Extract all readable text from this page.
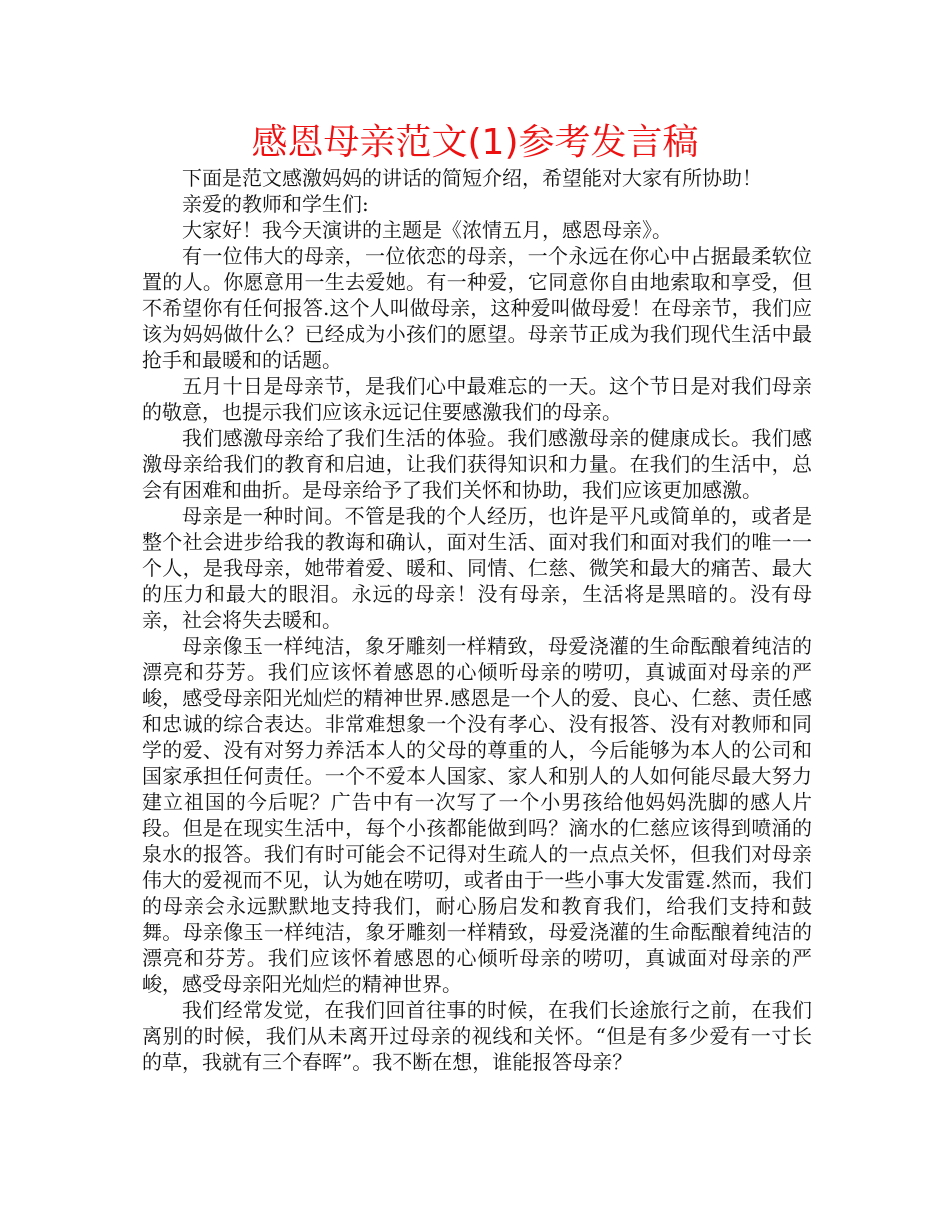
感恩母亲范文(1)参考发言稿

下面是范文感激妈妈的讲话的简短介绍，希望能对大家有所协助！

亲爱的教师和学生们:

大家好！我今天演讲的主题是《浓情五月，感恩母亲》。

有一位伟大的母亲，一位依恋的母亲，一个永远在你心中占据最柔软位置的人。你愿意用一生去爱她。有一种爱，它同意你自由地索取和享受，但不希望你有任何报答.这个人叫做母亲，这种爱叫做母爱！在母亲节，我们应该为妈妈做什么？已经成为小孩们的愿望。母亲节正成为我们现代生活中最抢手和最暖和的话题。

五月十日是母亲节，是我们心中最难忘的一天。这个节日是对我们母亲的敬意，也提示我们应该永远记住要感激我们的母亲。

我们感激母亲给了我们生活的体验。我们感激母亲的健康成长。我们感激母亲给我们的教育和启迪，让我们获得知识和力量。在我们的生活中，总会有困难和曲折。是母亲给予了我们关怀和协助，我们应该更加感激。

母亲是一种时间。不管是我的个人经历，也许是平凡或简单的，或者是整个社会进步给我的教诲和确认，面对生活、面对我们和面对我们的唯一一个人，是我母亲，她带着爱、暖和、同情、仁慈、微笑和最大的痛苦、最大的压力和最大的眼泪。永远的母亲！没有母亲，生活将是黑暗的。没有母亲，社会将失去暖和。

母亲像玉一样纯洁，象牙雕刻一样精致，母爱浇灌的生命酝酿着纯洁的漂亮和芬芳。我们应该怀着感恩的心倾听母亲的唠叨，真诚面对母亲的严峻，感受母亲阳光灿烂的精神世界.感恩是一个人的爱、良心、仁慈、责任感和忠诚的综合表达。非常难想象一个没有孝心、没有报答、没有对教师和同学的爱、没有对努力养活本人的父母的尊重的人，今后能够为本人的公司和国家承担任何责任。一个不爱本人国家、家人和别人的人如何能尽最大努力建立祖国的今后呢？广告中有一次写了一个小男孩给他妈妈洗脚的感人片段。但是在现实生活中，每个小孩都能做到吗？滴水的仁慈应该得到喷涌的泉水的报答。我们有时可能会不记得对生疏人的一点点关怀，但我们对母亲伟大的爱视而不见，认为她在唠叨，或者由于一些小事大发雷霆.然而，我们的母亲会永远默默地支持我们，耐心肠启发和教育我们，给我们支持和鼓舞。母亲像玉一样纯洁，象牙雕刻一样精致，母爱浇灌的生命酝酿着纯洁的漂亮和芬芳。我们应该怀着感恩的心倾听母亲的唠叨，真诚面对母亲的严峻，感受母亲阳光灿烂的精神世界。

我们经常发觉，在我们回首往事的时候，在我们长途旅行之前，在我们离别的时候，我们从未离开过母亲的视线和关怀。“但是有多少爱有一寸长的草，我就有三个春晖”。我不断在想，谁能报答母亲？
